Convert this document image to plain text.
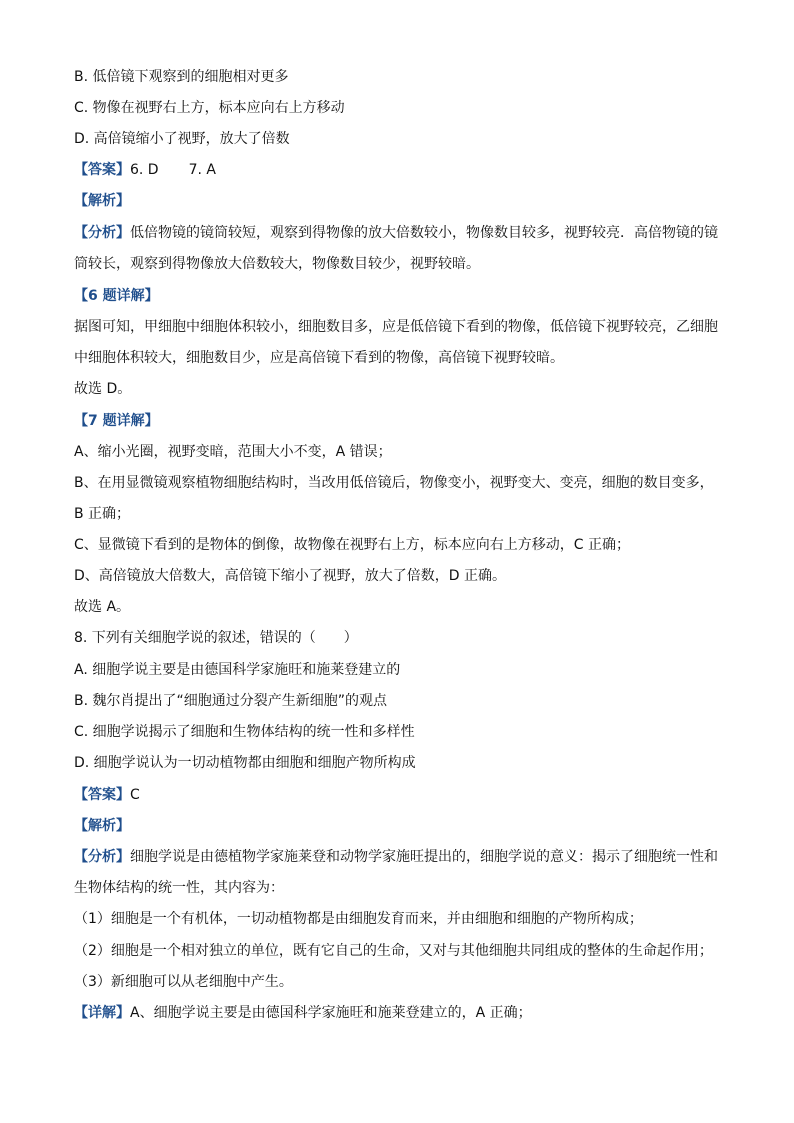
B. 低倍镜下观察到的细胞相对更多
C. 物像在视野右上方，标本应向右上方移动
D. 高倍镜缩小了视野，放大了倍数
【答案】6. D 7. A
【解析】
【分析】低倍物镜的镜筒较短，观察到得物像的放大倍数较小，物像数目较多，视野较亮．高倍物镜的镜
筒较长，观察到得物像放大倍数较大，物像数目较少，视野较暗。
【6 题详解】
据图可知，甲细胞中细胞体积较小，细胞数目多，应是低倍镜下看到的物像，低倍镜下视野较亮，乙细胞
中细胞体积较大，细胞数目少，应是高倍镜下看到的物像，高倍镜下视野较暗。
故选 D。
【7 题详解】
A、缩小光圈，视野变暗，范围大小不变，A 错误；
B、在用显微镜观察植物细胞结构时，当改用低倍镜后，物像变小，视野变大、变亮，细胞的数目变多，
B 正确；
C、显微镜下看到的是物体的倒像，故物像在视野右上方，标本应向右上方移动，C 正确；
D、高倍镜放大倍数大，高倍镜下缩小了视野，放大了倍数，D 正确。
故选 A。
8. 下列有关细胞学说的叙述，错误的（　　）
A. 细胞学说主要是由德国科学家施旺和施莱登建立的
B. 魏尔肖提出了“细胞通过分裂产生新细胞”的观点
C. 细胞学说揭示了细胞和生物体结构的统一性和多样性
D. 细胞学说认为一切动植物都由细胞和细胞产物所构成
【答案】C
【解析】
【分析】细胞学说是由德植物学家施莱登和动物学家施旺提出的，细胞学说的意义：揭示了细胞统一性和
生物体结构的统一性，其内容为：
（1）细胞是一个有机体，一切动植物都是由细胞发育而来，并由细胞和细胞的产物所构成；
（2）细胞是一个相对独立的单位，既有它自己的生命，又对与其他细胞共同组成的整体的生命起作用；
（3）新细胞可以从老细胞中产生。
【详解】A、细胞学说主要是由德国科学家施旺和施莱登建立的，A 正确；
